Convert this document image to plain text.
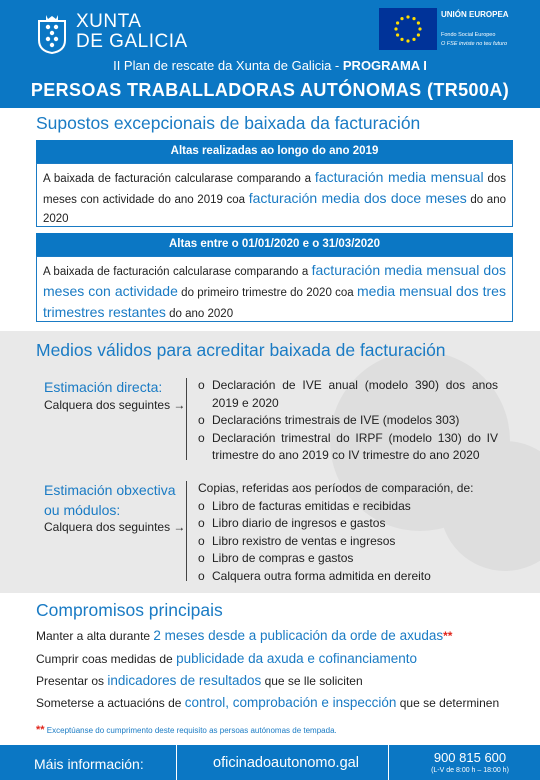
XUNTA
DE GALICIA
UNIÓN EUROPEA
Fondo Social Europeo
O FSE inviste no teu futuro
II Plan de rescate da Xunta de Galicia - PROGRAMA I
PERSOAS TRABALLADORAS AUTÓNOMAS (TR500A)
Supostos excepcionais de baixada da facturación
Altas realizadas ao longo do ano 2019
A baixada de facturación calcularase comparando a facturación media mensual dos meses con actividade do ano 2019 coa facturación media dos doce meses do ano 2020
Altas entre o 01/01/2020 e o 31/03/2020
A baixada de facturación calcularase comparando a facturación media mensual dos meses con actividade do primeiro trimestre do 2020 coa media mensual dos tres trimestres restantes do ano 2020
Medios válidos para acreditar baixada de facturación
Estimación directa:
Calquera dos seguintes →
o Declaración de IVE anual (modelo 390) dos anos 2019 e 2020
o Declaracións trimestrais de IVE (modelos 303)
o Declaración trimestral do IRPF (modelo 130) do IV trimestre do ano 2019 co IV trimestre do ano 2020
Estimación obxectiva
ou módulos:
Calquera dos seguintes →
Copias, referidas aos períodos de comparación, de:
o Libro de facturas emitidas e recibidas
o Libro diario de ingresos e gastos
o Libro rexistro de ventas e ingresos
o Libro de compras e gastos
o Calquera outra forma admitida en dereito
Compromisos principais
Manter a alta durante 2 meses desde a publicación da orde de axudas**
Cumprir coas medidas de publicidade da axuda e cofinanciamento
Presentar os indicadores de resultados que se lle soliciten
Someterse a actuacións de control, comprobación e inspección que se determinen
** Exceptúanse do cumprimento deste requisito as persoas autónomas de tempada.
Máis información:	oficinadoautonomo.gal	900 815 600
(L-V de 8:00 h – 18:00 h)
